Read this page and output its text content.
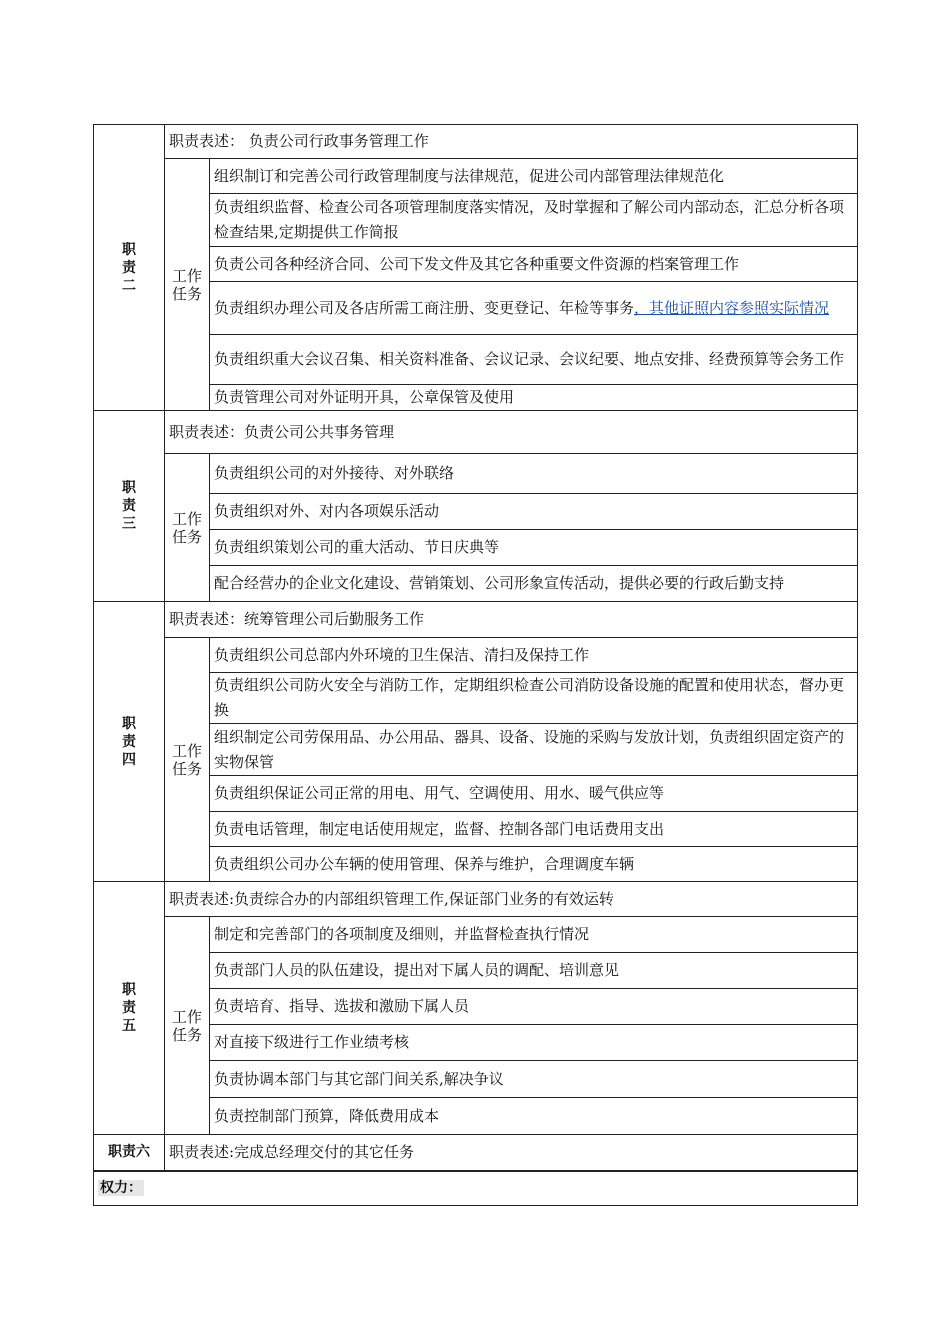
职责二	职责表述： 负责公司行政事务管理工作	
	工作任务	组织制订和完善公司行政管理制度与法律规范，促进公司内部管理法律规范化
		负责组织监督、检查公司各项管理制度落实情况，及时掌握和了解公司内部动态，汇总分析各项检查结果,定期提供工作简报
		负责公司各种经济合同、公司下发文件及其它各种重要文件资源的档案管理工作
		负责组织办理公司及各店所需工商注册、变更登记、年检等事务，其他证照内容参照实际情况
		负责组织重大会议召集、相关资料准备、会议记录、会议纪要、地点安排、经费预算等会务工作
		负责管理公司对外证明开具，公章保管及使用
职责三	职责表述：负责公司公共事务管理	
	工作任务	负责组织公司的对外接待、对外联络
		负责组织对外、对内各项娱乐活动
		负责组织策划公司的重大活动、节日庆典等
		配合经营办的企业文化建设、营销策划、公司形象宣传活动，提供必要的行政后勤支持
职责四	职责表述：统筹管理公司后勤服务工作	
	工作任务	负责组织公司总部内外环境的卫生保洁、清扫及保持工作
		负责组织公司防火安全与消防工作，定期组织检查公司消防设备设施的配置和使用状态，督办更换
		组织制定公司劳保用品、办公用品、器具、设备、设施的采购与发放计划，负责组织固定资产的实物保管
		负责组织保证公司正常的用电、用气、空调使用、用水、暖气供应等
		负责电话管理，制定电话使用规定，监督、控制各部门电话费用支出
		负责组织公司办公车辆的使用管理、保养与维护，合理调度车辆
职责五	职责表述:负责综合办的内部组织管理工作,保证部门业务的有效运转	
	工作任务	制定和完善部门的各项制度及细则，并监督检查执行情况
		负责部门人员的队伍建设，提出对下属人员的调配、培训意见
		负责培育、指导、选拔和激励下属人员
		对直接下级进行工作业绩考核
		负责协调本部门与其它部门间关系,解决争议
		负责控制部门预算，降低费用成本
职责六	职责表述:完成总经理交付的其它任务	
权力：		
